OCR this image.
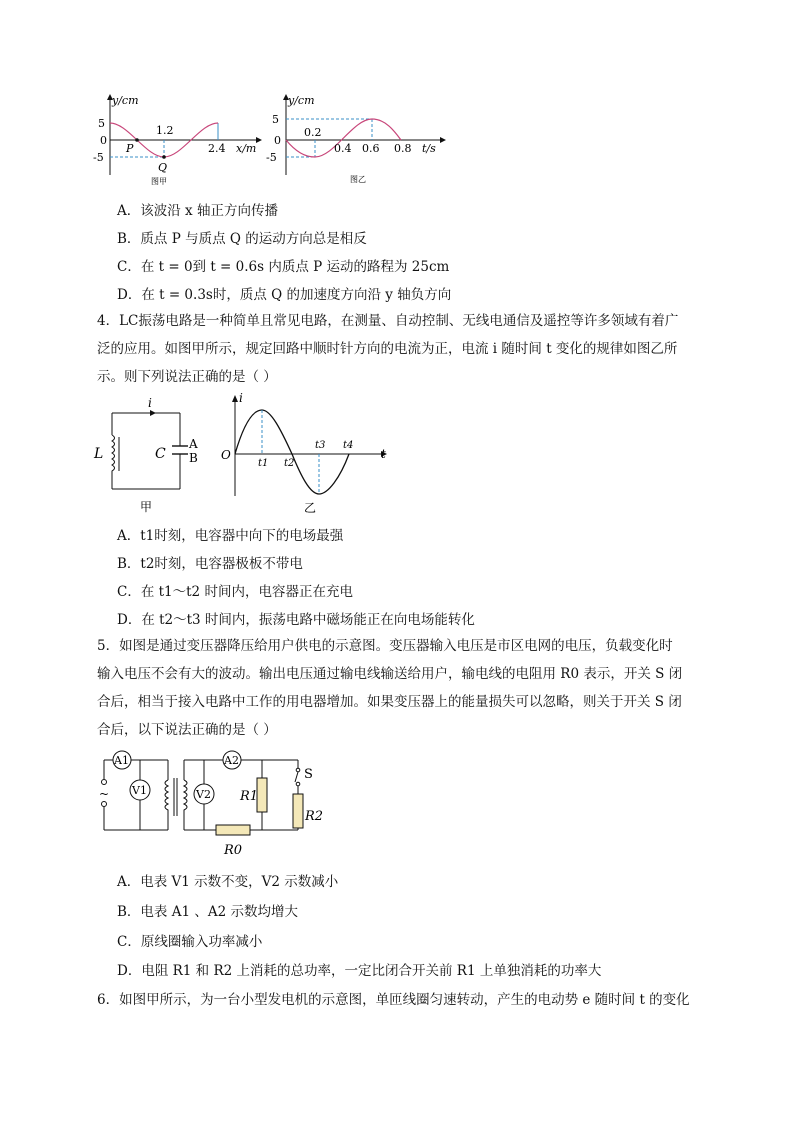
y/cm
5
0
-5
1.2
2.4 x/m
P
Q
图甲
y/cm
5
0
-5
0.2
0.4 0.6 0.8 t/s
图乙
A．该波沿 x 轴正方向传播
B．质点 P 与质点 Q 的运动方向总是相反
C．在 t = 0到 t = 0.6s 内质点 P 运动的路程为 25cm
D．在 t = 0.3s时，质点 Q 的加速度方向沿 y 轴负方向
4．LC振荡电路是一种简单且常见电路，在测量、自动控制、无线电通信及遥控等许多领域有着广
泛的应用。如图甲所示，规定回路中顺时针方向的电流为正，电流 i 随时间 t 变化的规律如图乙所
示。则下列说法正确的是（ ）
i
L	C
A
B
甲
i
t
O
t1 t2
t3 t4
乙
A．t1时刻，电容器中向下的电场最强
B．t2时刻，电容器极板不带电
C．在 t1～t2 时间内，电容器正在充电
D．在 t2～t3 时间内，振荡电路中磁场能正在向电场能转化
5．如图是通过变压器降压给用户供电的示意图。变压器输入电压是市区电网的电压，负载变化时
输入电压不会有大的波动。输出电压通过输电线输送给用户，输电线的电阻用 R0 表示，开关 S 闭
合后，相当于接入电路中工作的用电器增加。如果变压器上的能量损失可以忽略，则关于开关 S 闭
合后，以下说法正确的是（ ）
~
A1
V1
A2
V2
R0
R1
S
R2
A．电表 V1 示数不变，V2 示数减小
B．电表 A1 、A2 示数均增大
C．原线圈输入功率减小
D．电阻 R1 和 R2 上消耗的总功率，一定比闭合开关前 R1 上单独消耗的功率大
6．如图甲所示，为一台小型发电机的示意图，单匝线圈匀速转动，产生的电动势 e 随时间 t 的变化
